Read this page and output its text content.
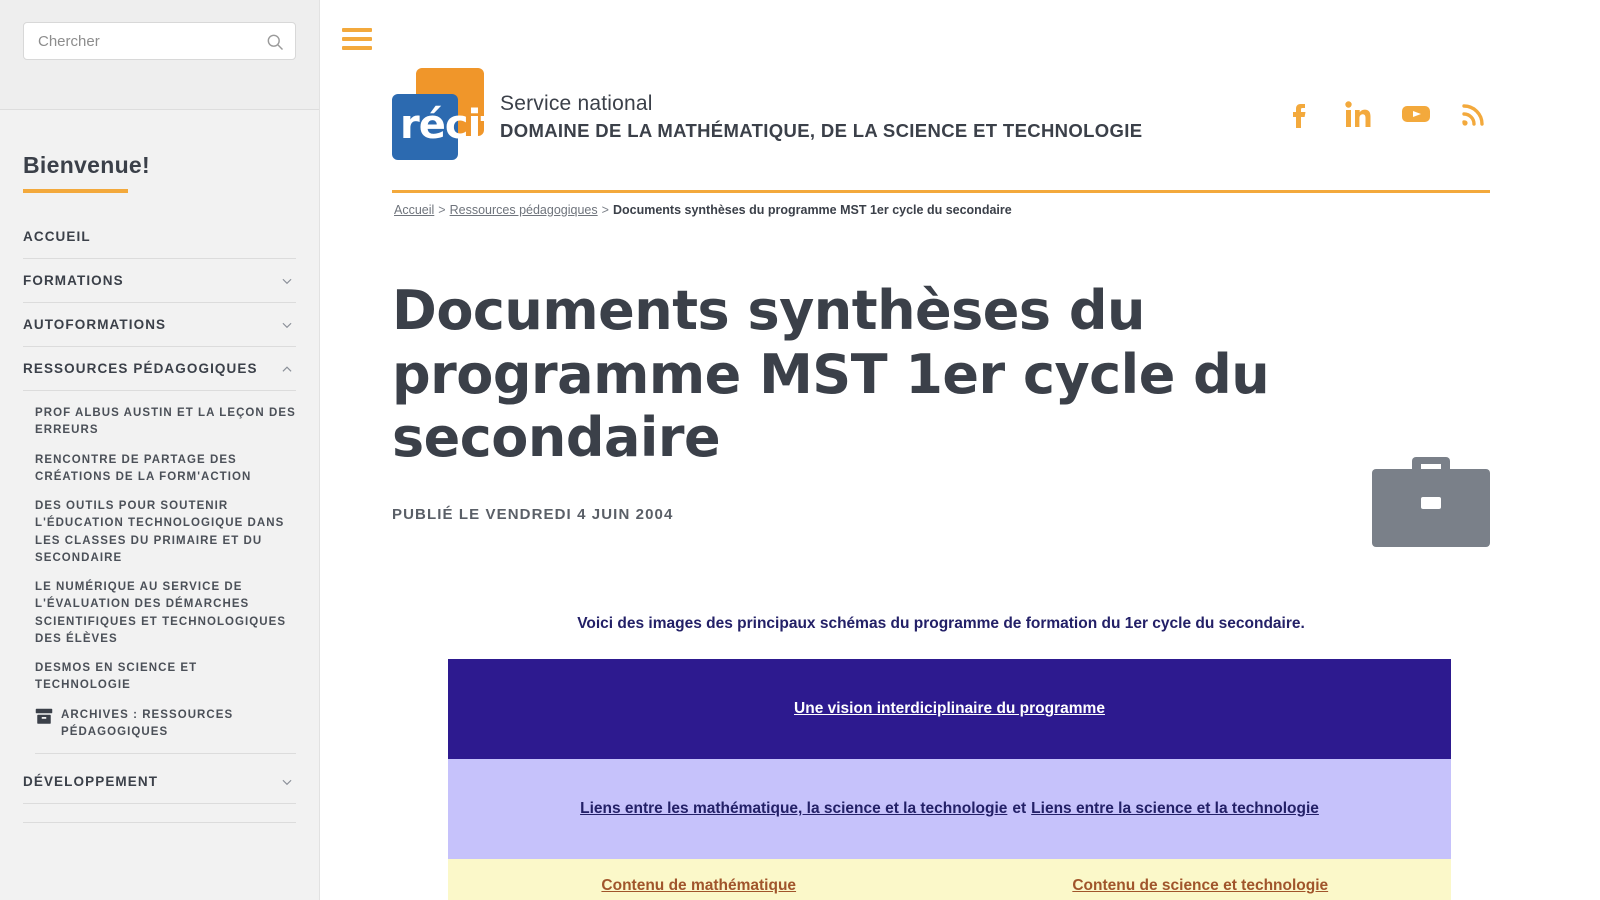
Chercher
Bienvenue!
ACCUEIL
FORMATIONS
AUTOFORMATIONS
RESSOURCES PÉDAGOGIQUES
PROF ALBUS AUSTIN ET LA LEÇON DES ERREURS
RENCONTRE DE PARTAGE DES CRÉATIONS DE LA FORM'ACTION
DES OUTILS POUR SOUTENIR L'ÉDUCATION TECHNOLOGIQUE DANS LES CLASSES DU PRIMAIRE ET DU SECONDAIRE
LE NUMÉRIQUE AU SERVICE DE L'ÉVALUATION DES DÉMARCHES SCIENTIFIQUES ET TECHNOLOGIQUES DES ÉLÈVES
DESMOS EN SCIENCE ET TECHNOLOGIE
ARCHIVES : RESSOURCES PÉDAGOGIQUES
DÉVELOPPEMENT
récit Service national
DOMAINE DE LA MATHÉMATIQUE, DE LA SCIENCE ET TECHNOLOGIE
Accueil > Ressources pédagogiques > Documents synthèses du programme MST 1er cycle du secondaire
Documents synthèses du programme MST 1er cycle du secondaire
PUBLIÉ LE VENDREDI 4 JUIN 2004
Voici des images des principaux schémas du programme de formation du 1er cycle du secondaire.
Une vision interdiciplinaire du programme
Liens entre les mathématique, la science et la technologie et Liens entre la science et la technologie
Contenu de mathématique	Contenu de science et technologie
